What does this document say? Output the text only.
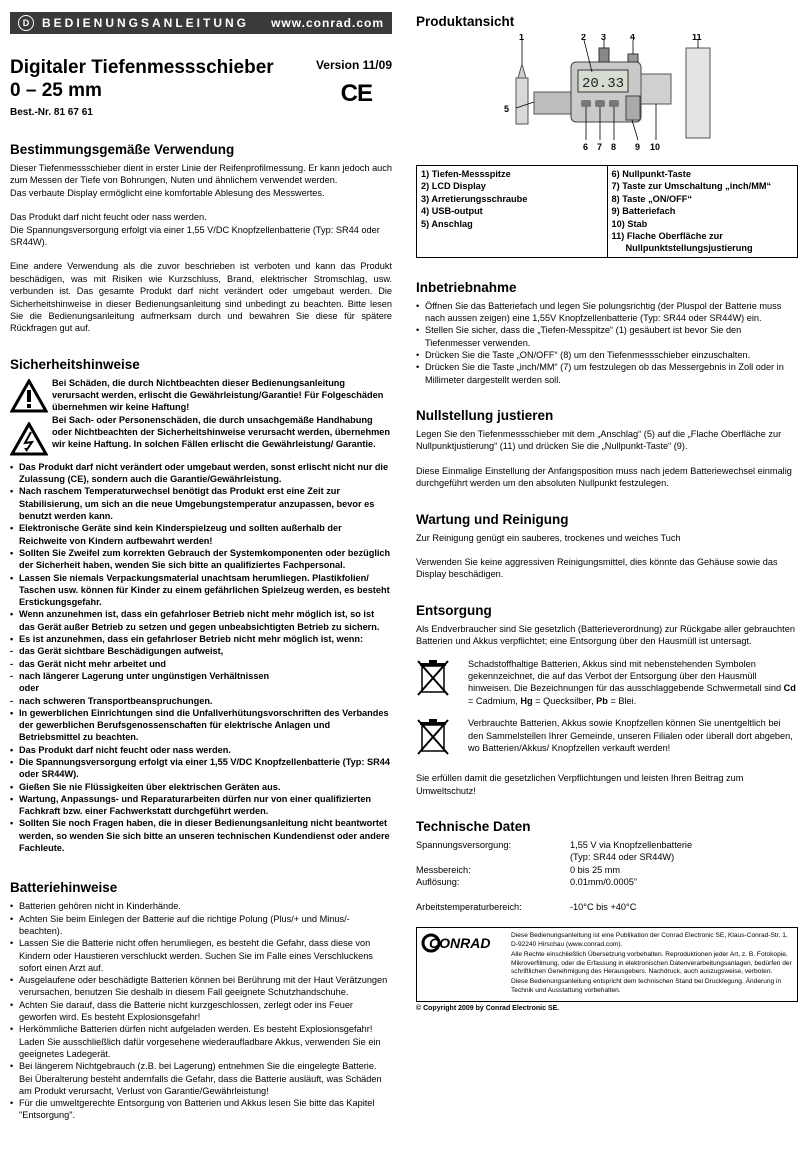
D	BEDIENUNGSANLEITUNG www.conrad.com
Digitaler Tiefenmessschieber
0 – 25 mm
Best.-Nr. 81 67 61
Version 11/09
CE
Bestimmungsgemäße Verwendung

Dieser Tiefenmessschieber dient in erster Linie der Reifenprofilmessung. Er kann jedoch auch zum Messen der Tiefe von Bohrungen, Nuten und ähnlichem verwendet werden.

Das verbaute Display ermöglicht eine komfortable Ablesung des Messwertes.

Das Produkt darf nicht feucht oder nass werden.

Die Spannungsversorgung erfolgt via einer 1,55 V/DC Knopfzellenbatterie (Typ: SR44 oder SR44W).

Eine andere Verwendung als die zuvor beschrieben ist verboten und kann das Produkt beschädigen, was mit Risiken wie Kurzschluss, Brand, elektrischer Stromschlag, usw. verbunden ist. Das gesamte Produkt darf nicht verändert oder umgebaut werden. Die Sicherheitshinweise in dieser Bedienungsanleitung sind unbedingt zu beachten. Bitte lesen Sie die Bedienungsanleitung aufmerksam durch und bewahren Sie diese für spätere Rückfragen gut auf.

Sicherheitshinweise

Bei Schäden, die durch Nichtbeachten dieser Bedienungsanleitung verursacht werden, erlischt die Gewährleistung/Garantie! Für Folgeschäden übernehmen wir keine Haftung!
Bei Sach- oder Personenschäden, die durch unsachgemäße Handhabung oder Nichtbeachten der Sicherheitshinweise verursacht werden, übernehmen wir keine Haftung. In solchen Fällen erlischt die Gewährleistung/ Garantie.
• Das Produkt darf nicht verändert oder umgebaut werden, sonst erlischt nicht nur die Zulassung (CE), sondern auch die Garantie/Gewährleistung.
• Nach raschem Temperaturwechsel benötigt das Produkt erst eine Zeit zur Stabilisierung, um sich an die neue Umgebungstemperatur anzupassen, bevor es benutzt werden kann.
• Elektronische Geräte sind kein Kinderspielzeug und sollten außerhalb der Reichweite von Kindern aufbewahrt werden!
• Sollten Sie Zweifel zum korrekten Gebrauch der Systemkomponenten oder bezüglich der Sicherheit haben, wenden Sie sich bitte an qualifiziertes Fachpersonal.
• Lassen Sie niemals Verpackungsmaterial unachtsam herumliegen. Plastikfolien/ Taschen usw. können für Kinder zu einem gefährlichen Spielzeug werden, es besteht Erstickungsgefahr.
• Wenn anzunehmen ist, dass ein gefahrloser Betrieb nicht mehr möglich ist, so ist das Gerät außer Betrieb zu setzen und gegen unbeabsichtigten Betrieb zu sichern.
• Es ist anzunehmen, dass ein gefahrloser Betrieb nicht mehr möglich ist, wenn:
- das Gerät sichtbare Beschädigungen aufweist,
- das Gerät nicht mehr arbeitet und
- nach längerer Lagerung unter ungünstigen Verhältnissen
oder
- nach schweren Transportbeanspruchungen.
• In gewerblichen Einrichtungen sind die Unfallverhütungsvorschriften des Verbandes der gewerblichen Berufsgenossenschaften für elektrische Anlagen und Betriebsmittel zu beachten.
• Das Produkt darf nicht feucht oder nass werden.
• Die Spannungsversorgung erfolgt via einer 1,55 V/DC Knopfzellenbatterie (Typ: SR44 oder SR44W).
• Gießen Sie nie Flüssigkeiten über elektrischen Geräten aus.
• Wartung, Anpassungs- und Reparaturarbeiten dürfen nur von einer qualifizierten Fachkraft bzw. einer Fachwerkstatt durchgeführt werden.
• Sollten Sie noch Fragen haben, die in dieser Bedienungsanleitung nicht beantwortet werden, so wenden Sie sich bitte an unseren technischen Kundendienst oder andere Fachleute.
Batteriehinweise
• Batterien gehören nicht in Kinderhände.
• Achten Sie beim Einlegen der Batterie auf die richtige Polung (Plus/+ und Minus/- beachten).
• Lassen Sie die Batterie nicht offen herumliegen, es besteht die Gefahr, dass diese von Kindern oder Haustieren verschluckt werden. Suchen Sie im Falle eines Verschluckens sofort einen Arzt auf.
• Ausgelaufene oder beschädigte Batterien können bei Berührung mit der Haut Verätzungen verursachen, benutzen Sie deshalb in diesem Fall geeignete Schutzhandschuhe.
• Achten Sie darauf, dass die Batterie nicht kurzgeschlossen, zerlegt oder ins Feuer geworfen wird. Es besteht Explosionsgefahr!
• Herkömmliche Batterien dürfen nicht aufgeladen werden. Es besteht Explosionsgefahr! Laden Sie ausschließlich dafür vorgesehene wiederaufladbare Akkus, verwenden Sie ein geeignetes Ladegerät.
• Bei längerem Nichtgebrauch (z.B. bei Lagerung) entnehmen Sie die eingelegte Batterie. Bei Überalterung besteht andernfalls die Gefahr, dass die Batterie ausläuft, was Schäden am Produkt verursacht, Verlust von Garantie/Gewährleistung!
• Für die umweltgerechte Entsorgung von Batterien und Akkus lesen Sie bitte das Kapitel "Entsorgung".
Produktansicht
20.33
1	2 3	4
5
6 7 8 9 10
11
1) Tiefen-Messspitze
2) LCD Display
3) Arretierungsschraube
4) USB-output
5) Anschlag

6) Nullpunkt-Taste
7) Taste zur Umschaltung „inch/MM“
8) Taste „ON/OFF“
9) Batteriefach
10) Stab
11) Flache Oberfläche zur Nullpunktstellungsjustierung
Inbetriebnahme
• Öffnen Sie das Batteriefach und legen Sie polungsrichtig (der Pluspol der Batterie muss nach aussen zeigen) eine 1,55V Knopfzellenbatterie (Typ: SR44 oder SR44W) ein.
• Stellen Sie sicher, dass die „Tiefen-Messpitze“ (1) gesäubert ist bevor Sie den Tiefenmesser verwenden.
• Drücken Sie die Taste „ON/OFF“ (8) um den Tiefenmessschieber einzuschalten.
• Drücken Sie die Taste „inch/MM“ (7) um festzulegen ob das Messergebnis in Zoll oder in Millimeter dargestellt werden soll.
Nullstellung justieren

Legen Sie den Tiefenmessschieber mit dem „Anschlag“ (5) auf die „Flache Oberfläche zur Nullpunktjustierung“ (11) und drücken Sie die „Nullpunkt-Taste“ (9).

Diese Einmalige Einstellung der Anfangsposition muss nach jedem Batteriewechsel einmalig durchgeführt werden um den absoluten Nullpunkt festzulegen.

Wartung und Reinigung

Zur Reinigung genügt ein sauberes, trockenes und weiches Tuch

Verwenden Sie keine aggressiven Reinigungsmittel, dies könnte das Gehäuse sowie das Display beschädigen.

Entsorgung

Als Endverbraucher sind Sie gesetzlich (Batterieverordnung) zur Rückgabe aller gebrauchten Batterien und Akkus verpflichtet; eine Entsorgung über den Hausmüll ist untersagt.

Schadstoffhaltige Batterien, Akkus sind mit nebenstehenden Symbolen gekennzeichnet, die auf das Verbot der Entsorgung über den Hausmüll hinweisen. Die Bezeichnungen für das ausschlaggebende Schwermetall sind Cd = Cadmium, Hg = Quecksilber, Pb = Blei.

Verbrauchte Batterien, Akkus sowie Knopfzellen können Sie unentgeltlich bei den Sammelstellen Ihrer Gemeinde, unseren Filialen oder überall dort abgeben, wo Batterien/Akkus/ Knopfzellen verkauft werden!

Sie erfüllen damit die gesetzlichen Verpflichtungen und leisten Ihren Beitrag zum Umweltschutz!

Technische Daten
Spannungsversorgung:	1,55 V via Knopfzellenbatterie

(Typ: SR44 oder SR44W)
Messbereich:	0 bis 25 mm
Auflösung:	0.01mm/0.0005”

Arbeitstemperaturbereich:	-10°C bis +40°C
CONRAD	Diese Bedienungsanleitung ist eine Publikation der Conrad Electronic SE, Klaus-Conrad-Str. 1, D-92240 Hirschau (www.conrad.com).
Alle Rechte einschließlich Übersetzung vorbehalten. Reproduktionen jeder Art, z. B. Fotokopie, Mikroverfilmung, oder die Erfassung in elektronischen Datenverarbeitungsanlagen, bedürfen der schriftlichen Genehmigung des Herausgebers. Nachdruck, auch auszugsweise, verboten.
Diese Bedienungsanleitung entspricht dem technischen Stand bei Drucklegung. Änderung in Technik und Ausstattung vorbehalten.
© Copyright 2009 by Conrad Electronic SE.
